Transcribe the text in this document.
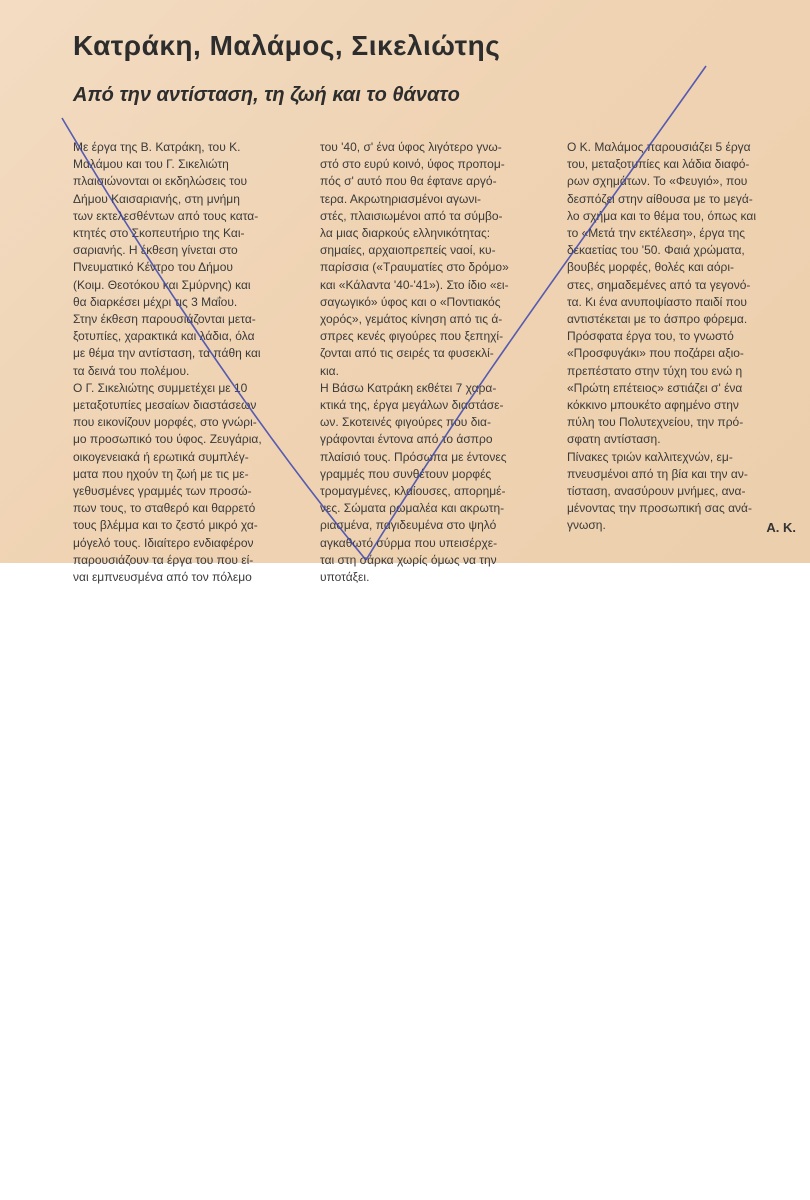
Κατράκη, Μαλάμος, Σικελιώτης
Από την αντίσταση, τη ζωή και το θάνατο

Με έργα της Β. Κατράκη, του Κ.
Μαλάμου και του Γ. Σικελιώτη
πλαισιώνονται οι εκδηλώσεις του
Δήμου Καισαριανής, στη μνήμη
των εκτελεσθέντων από τους κατα-
κτητές στο Σκοπευτήριο της Και-
σαριανής. Η έκθεση γίνεται στο
Πνευματικό Κέντρο του Δήμου
(Κοιμ. Θεοτόκου και Σμύρνης) και
θα διαρκέσει μέχρι τις 3 Μαΐου.
Στην έκθεση παρουσιάζονται μετα-
ξοτυπίες, χαρακτικά και λάδια, όλα
με θέμα την αντίσταση, τα πάθη και
τα δεινά του πολέμου.
Ο Γ. Σικελιώτης συμμετέχει με 10
μεταξοτυπίες μεσαίων διαστάσεων
που εικονίζουν μορφές, στο γνώρι-
μο προσωπικό του ύφος. Ζευγάρια,
οικογενειακά ή ερωτικά συμπλέγ-
ματα που ηχούν τη ζωή με τις με-
γεθυσμένες γραμμές των προσώ-
πων τους, το σταθερό και θαρρετό
τους βλέμμα και το ζεστό μικρό χα-
μόγελό τους. Ιδιαίτερο ενδιαφέρον
παρουσιάζουν τα έργα του που εί-
ναι εμπνευσμένα από τον πόλεμο

του '40, σ' ένα ύφος λιγότερο γνω-
στό στο ευρύ κοινό, ύφος προπομ-
πός σ' αυτό που θα έφτανε αργό-
τερα. Ακρωτηριασμένοι αγωνι-
στές, πλαισιωμένοι από τα σύμβο-
λα μιας διαρκούς ελληνικότητας:
σημαίες, αρχαιοπρεπείς ναοί, κυ-
παρίσσια («Τραυματίες στο δρόμο»
και «Κάλαντα '40-'41»). Στο ίδιο «ει-
σαγωγικό» ύφος και ο «Ποντιακός
χορός», γεμάτος κίνηση από τις ά-
σπρες κενές φιγούρες που ξεπηχί-
ζονται από τις σειρές τα φυσεκλί-
κια.
Η Βάσω Κατράκη εκθέτει 7 χαρα-
κτικά της, έργα μεγάλων διαστάσε-
ων. Σκοτεινές φιγούρες που δια-
γράφονται έντονα από το άσπρο
πλαίσιό τους. Πρόσωπα με έντονες
γραμμές που συνθέτουν μορφές
τρομαγμένες, κλαίουσες, απορημέ-
νες. Σώματα ρωμαλέα και ακρωτη-
ριασμένα, παγιδευμένα στο ψηλό
αγκαθωτό σύρμα που υπεισέρχε-
ται στη σάρκα χωρίς όμως να την
υποτάξει.

Ο Κ. Μαλάμος παρουσιάζει 5 έργα
του, μεταξοτυπίες και λάδια διαφό-
ρων σχημάτων. Το «Φευγιό», που
δεσπόζει στην αίθουσα με το μεγά-
λο σχήμα και το θέμα του, όπως και
το «Μετά την εκτέλεση», έργα της
δεκαετίας του '50. Φαιά χρώματα,
βουβές μορφές, θολές και αόρι-
στες, σημαδεμένες από τα γεγονό-
τα. Κι ένα ανυποψίαστο παιδί που
αντιστέκεται με το άσπρο φόρεμα.
Πρόσφατα έργα του, το γνωστό
«Προσφυγάκι» που ποζάρει αξιο-
πρεπέστατο στην τύχη του ενώ η
«Πρώτη επέτειος» εστιάζει σ' ένα
κόκκινο μπουκέτο αφημένο στην
πύλη του Πολυτεχνείου, την πρό-
σφατη αντίσταση.
Πίνακες τριών καλλιτεχνών, εμ-
πνευσμένοι από τη βία και την αν-
τίσταση, ανασύρουν μνήμες, ανα-
μένοντας την προσωπική σας ανά-
γνωση.	Α. Κ.
